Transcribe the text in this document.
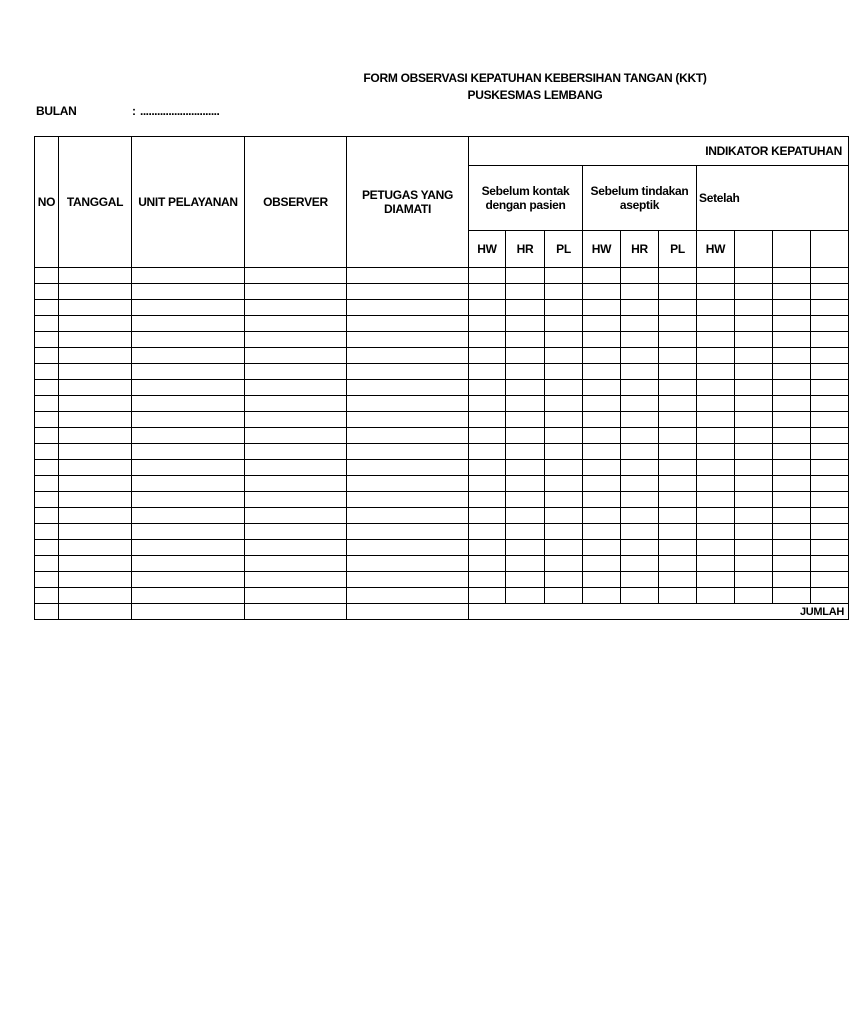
FORM OBSERVASI KEPATUHAN KEBERSIHAN TANGAN (KKT)
PUSKESMAS LEMBANG
BULAN	: ............................
NO	TANGGAL	UNIT PELAYANAN	OBSERVER	PETUGAS YANG DIAMATI	INDIKATOR KEPATUHAN									
					Sebelum kontak dengan pasien			Sebelum tindakan aseptik			Setelah			
					HW	HR	PL	HW	HR	PL	HW			

					JUMLAH									
